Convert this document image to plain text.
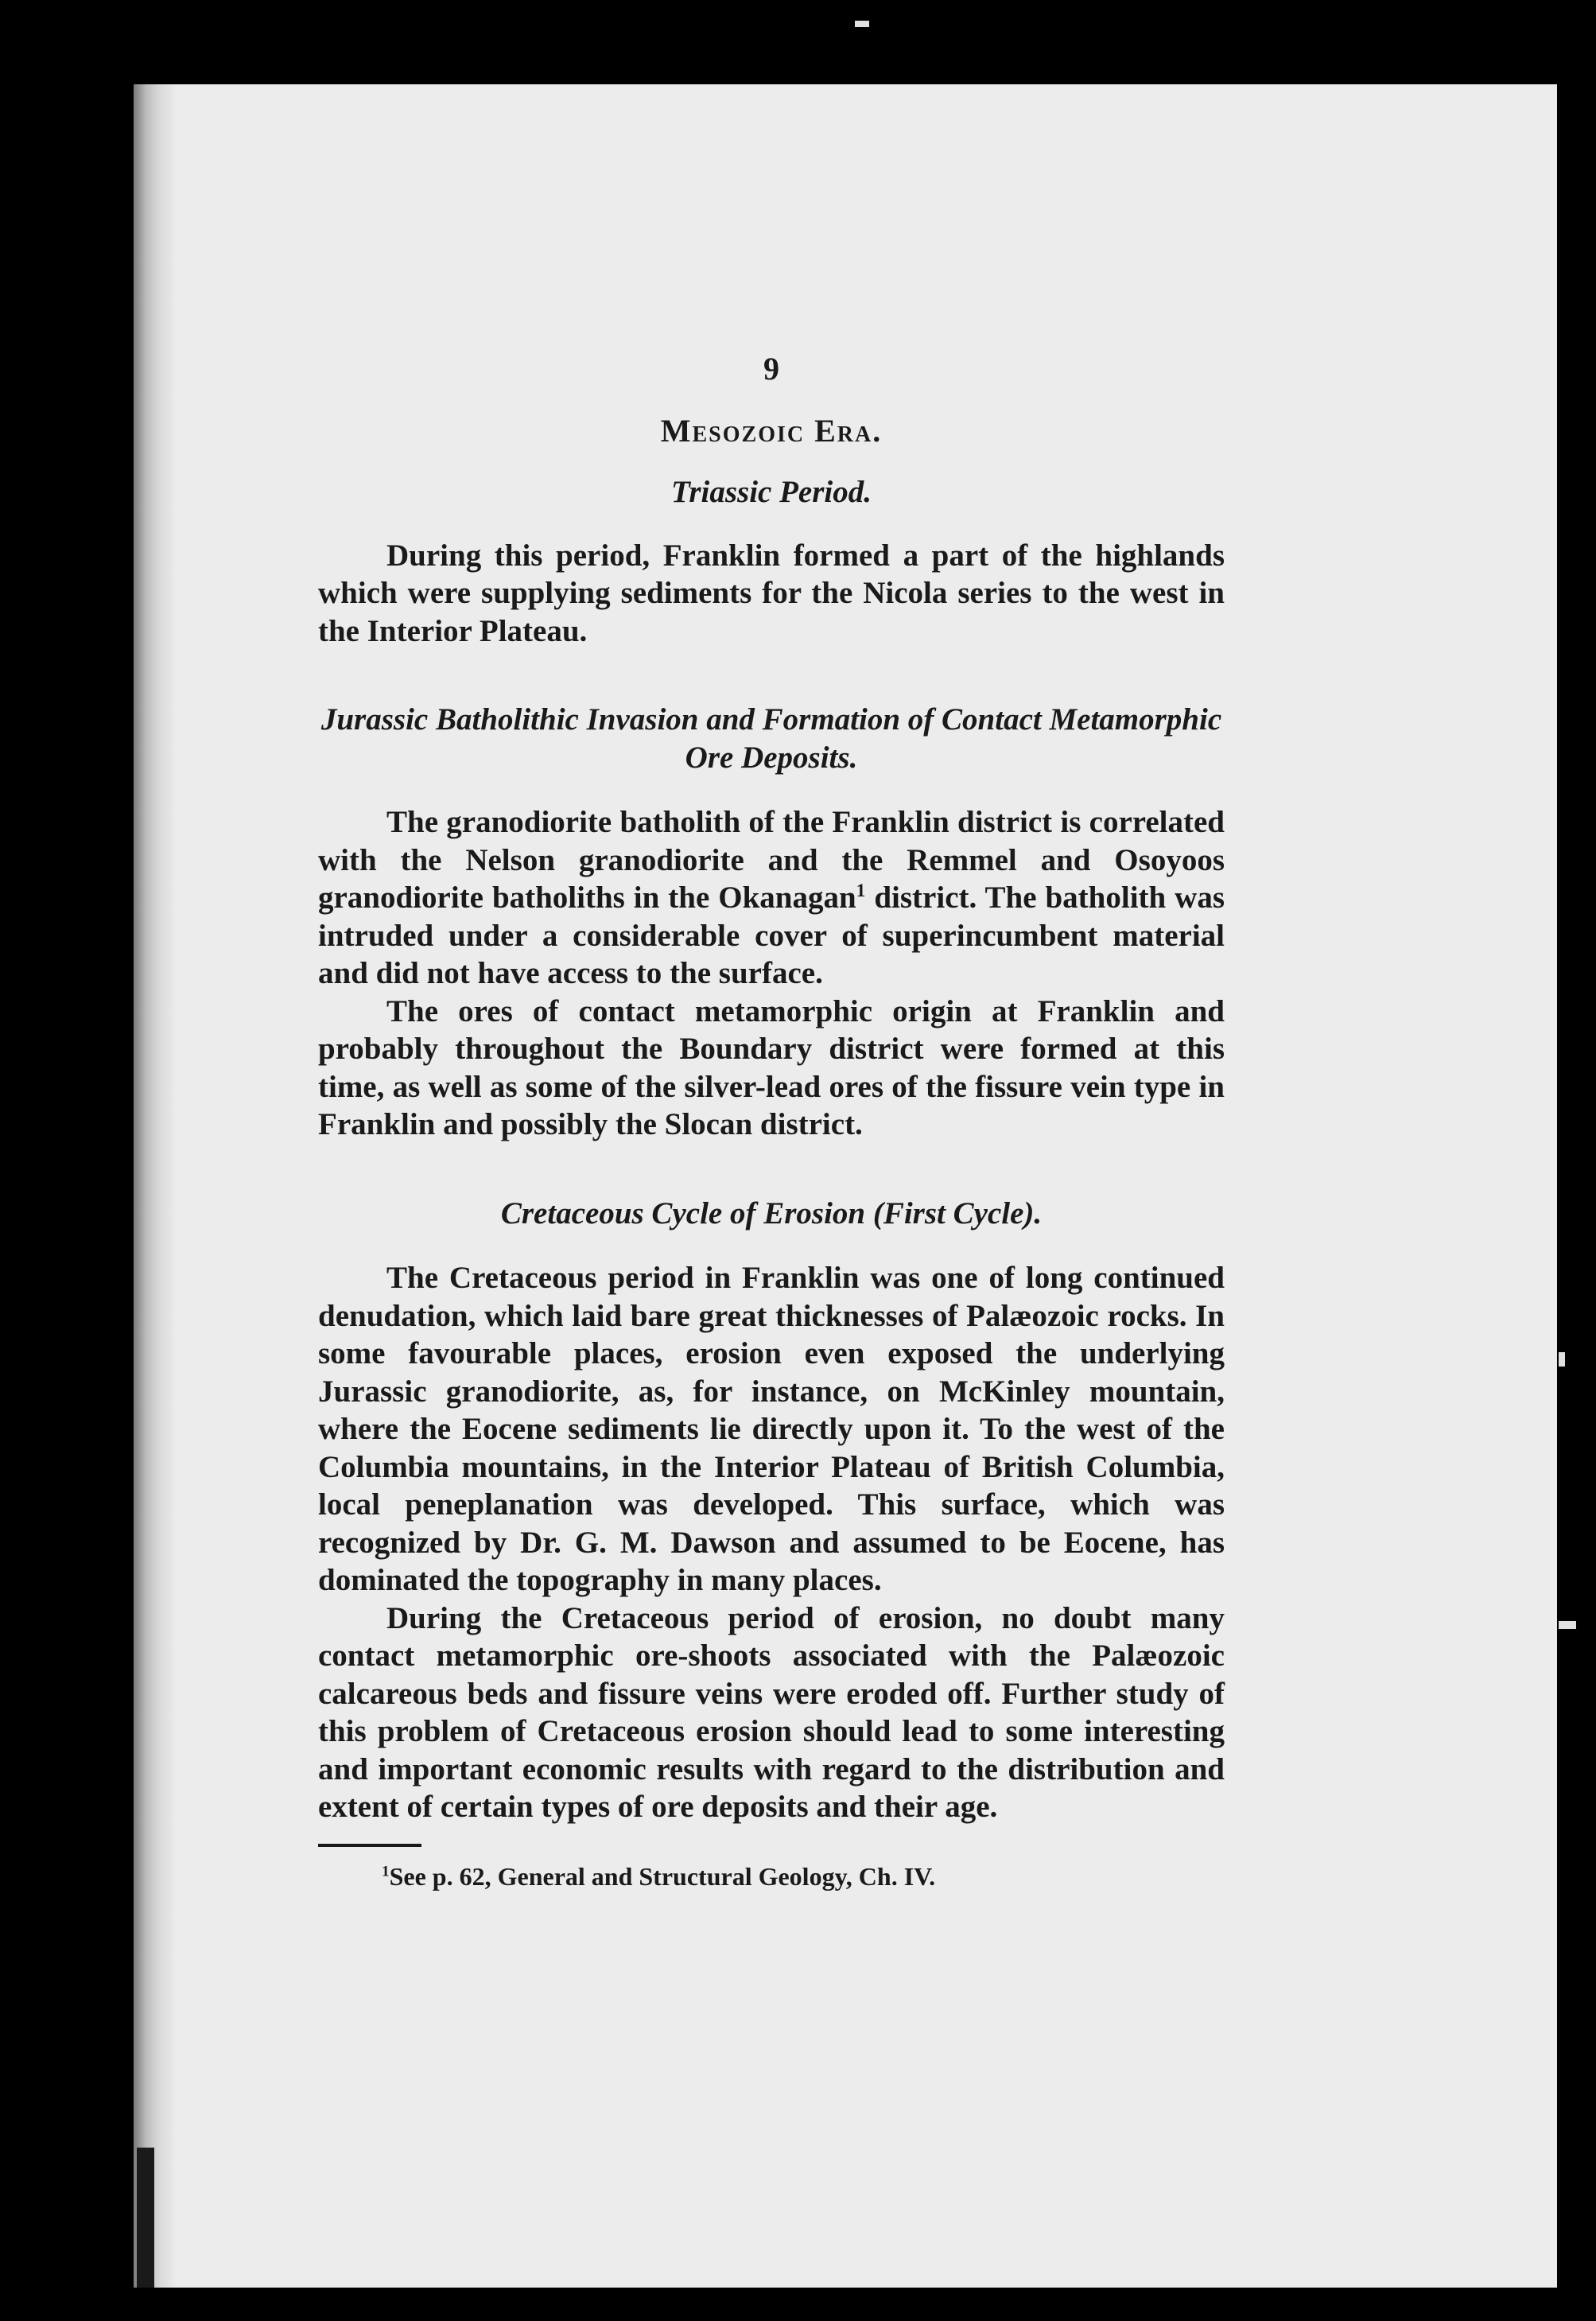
9
Mesozoic Era.
Triassic Period.

During this period, Franklin formed a part of the highlands which were supplying sediments for the Nicola series to the west in the Interior Plateau.

Jurassic Batholithic Invasion and Formation of Contact Metamorphic Ore Deposits.

The granodiorite batholith of the Franklin district is correlated with the Nelson granodiorite and the Remmel and Osoyoos granodiorite batholiths in the Okanagan$^1$ district. The batholith was intruded under a considerable cover of superincumbent material and did not have access to the surface.

The ores of contact metamorphic origin at Franklin and probably throughout the Boundary district were formed at this time, as well as some of the silver-lead ores of the fissure vein type in Franklin and possibly the Slocan district.

Cretaceous Cycle of Erosion (First Cycle).

The Cretaceous period in Franklin was one of long continued denudation, which laid bare great thicknesses of Palæozoic rocks. In some favourable places, erosion even exposed the underlying Jurassic granodiorite, as, for instance, on McKinley mountain, where the Eocene sediments lie directly upon it. To the west of the Columbia mountains, in the Interior Plateau of British Columbia, local peneplanation was developed. This surface, which was recognized by Dr. G. M. Dawson and assumed to be Eocene, has dominated the topography in many places.

During the Cretaceous period of erosion, no doubt many contact metamorphic ore-shoots associated with the Palæozoic calcareous beds and fissure veins were eroded off. Further study of this problem of Cretaceous erosion should lead to some interesting and important economic results with regard to the distribution and extent of certain types of ore deposits and their age.

$^1$See p. 62, General and Structural Geology, Ch. IV.
